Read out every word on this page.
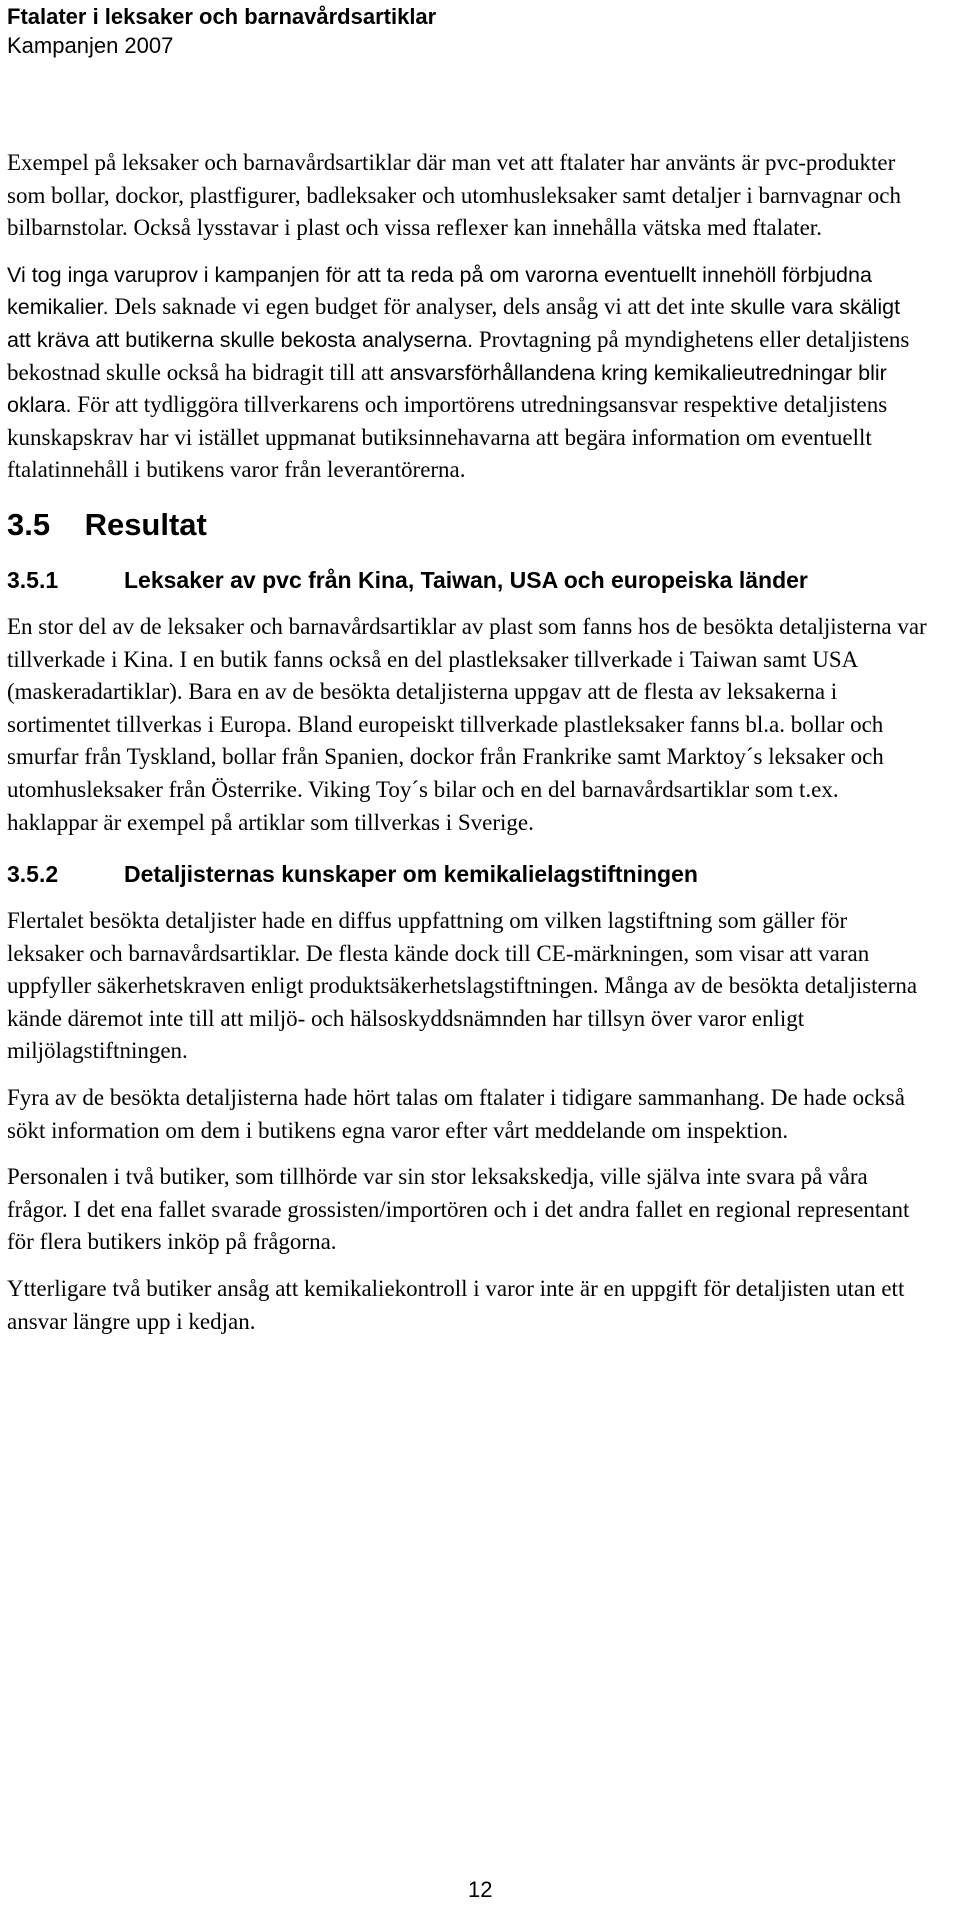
Ftalater i leksaker och barnavårdsartiklar
Kampanjen 2007

Exempel på leksaker och barnavårdsartiklar där man vet att ftalater har använts är pvc-produkter som bollar, dockor, plastfigurer, badleksaker och utomhusleksaker samt detaljer i barnvagnar och bilbarnstolar. Också lysstavar i plast och vissa reflexer kan innehålla vätska med ftalater.

Vi tog inga varuprov i kampanjen för att ta reda på om varorna eventuellt innehöll förbjudna kemikalier. Dels saknade vi egen budget för analyser, dels ansåg vi att det inte skulle vara skäligt att kräva att butikerna skulle bekosta analyserna. Provtagning på myndighetens eller detaljistens bekostnad skulle också ha bidragit till att ansvarsförhållandena kring kemikalieutredningar blir oklara. För att tydliggöra tillverkarens och importörens utredningsansvar respektive detaljistens kunskapskrav har vi istället uppmanat butiksinnehavarna att begära information om eventuellt ftalatinnehåll i butikens varor från leverantörerna.

3.5 Resultat
3.5.1	Leksaker av pvc från Kina, Taiwan, USA och europeiska länder

En stor del av de leksaker och barnavårdsartiklar av plast som fanns hos de besökta detaljisterna var tillverkade i Kina. I en butik fanns också en del plastleksaker tillverkade i Taiwan samt USA (maskeradartiklar). Bara en av de besökta detaljisterna uppgav att de flesta av leksakerna i sortimentet tillverkas i Europa. Bland europeiskt tillverkade plastleksaker fanns bl.a. bollar och smurfar från Tyskland, bollar från Spanien, dockor från Frankrike samt Marktoy´s leksaker och utomhusleksaker från Österrike. Viking Toy´s bilar och en del barnavårdsartiklar som t.ex. haklappar är exempel på artiklar som tillverkas i Sverige.

3.5.2	Detaljisternas kunskaper om kemikalielagstiftningen

Flertalet besökta detaljister hade en diffus uppfattning om vilken lagstiftning som gäller för leksaker och barnavårdsartiklar. De flesta kände dock till CE-märkningen, som visar att varan uppfyller säkerhetskraven enligt produktsäkerhetslagstiftningen. Många av de besökta detaljisterna kände däremot inte till att miljö- och hälsoskyddsnämnden har tillsyn över varor enligt miljölagstiftningen.

Fyra av de besökta detaljisterna hade hört talas om ftalater i tidigare sammanhang. De hade också sökt information om dem i butikens egna varor efter vårt meddelande om inspektion.

Personalen i två butiker, som tillhörde var sin stor leksakskedja, ville själva inte svara på våra frågor. I det ena fallet svarade grossisten/importören och i det andra fallet en regional representant för flera butikers inköp på frågorna.

Ytterligare två butiker ansåg att kemikaliekontroll i varor inte är en uppgift för detaljisten utan ett ansvar längre upp i kedjan.

12
